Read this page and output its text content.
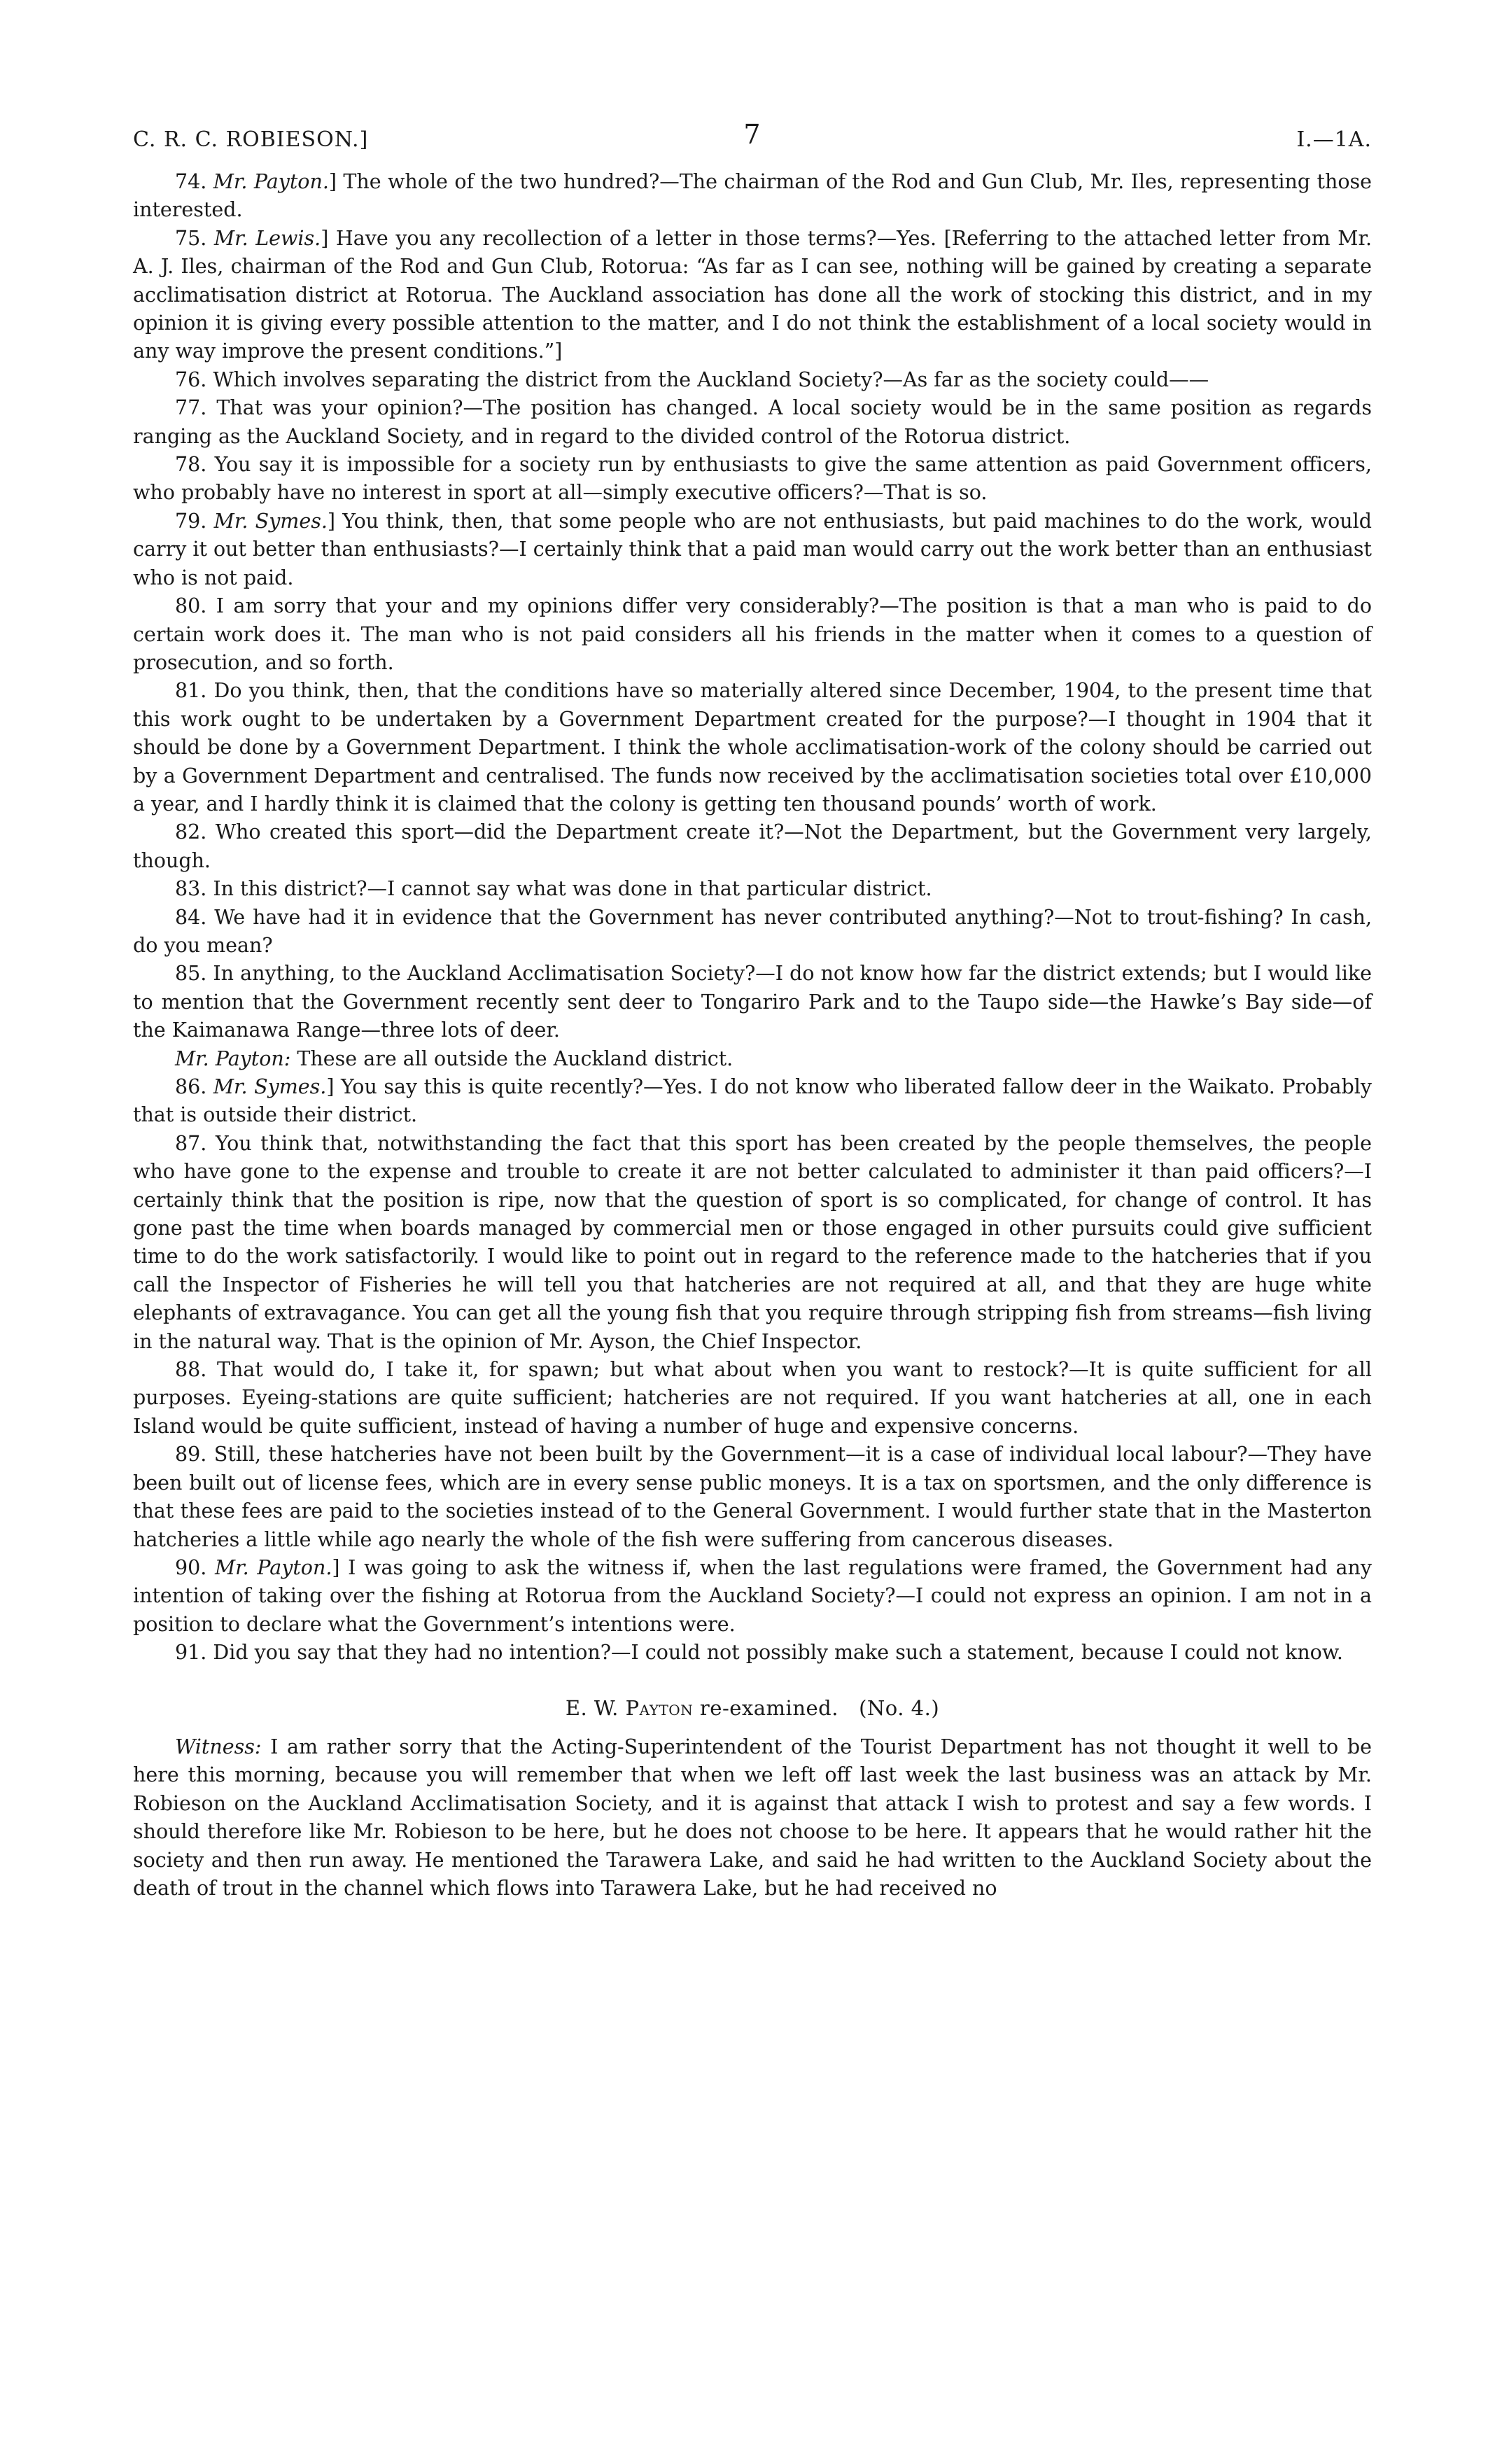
C. R. C. ROBIESON.]	7	I.—1A.

74. Mr. Payton.] The whole of the two hundred?—The chairman of the Rod and Gun Club, Mr. Iles, representing those interested.

75. Mr. Lewis.] Have you any recollection of a letter in those terms?—Yes. [Referring to the attached letter from Mr. A. J. Iles, chairman of the Rod and Gun Club, Rotorua: “As far as I can see, nothing will be gained by creating a separate acclimatisation district at Rotorua. The Auckland association has done all the work of stocking this district, and in my opinion it is giving every possible attention to the matter, and I do not think the establishment of a local society would in any way improve the present conditions.”]

76. Which involves separating the district from the Auckland Society?—As far as the society could——

77. That was your opinion?—The position has changed. A local society would be in the same position as regards ranging as the Auckland Society, and in regard to the divided control of the Rotorua district.

78. You say it is impossible for a society run by enthusiasts to give the same attention as paid Government officers, who probably have no interest in sport at all—simply executive officers?—That is so.

79. Mr. Symes.] You think, then, that some people who are not enthusiasts, but paid machines to do the work, would carry it out better than enthusiasts?—I certainly think that a paid man would carry out the work better than an enthusiast who is not paid.

80. I am sorry that your and my opinions differ very considerably?—The position is that a man who is paid to do certain work does it. The man who is not paid considers all his friends in the matter when it comes to a question of prosecution, and so forth.

81. Do you think, then, that the conditions have so materially altered since December, 1904, to the present time that this work ought to be undertaken by a Government Department created for the purpose?—I thought in 1904 that it should be done by a Government Department. I think the whole acclimatisation-work of the colony should be carried out by a Government Department and centralised. The funds now received by the acclimatisation societies total over £10,000 a year, and I hardly think it is claimed that the colony is getting ten thousand pounds’ worth of work.

82. Who created this sport—did the Department create it?—Not the Department, but the Government very largely, though.

83. In this district?—I cannot say what was done in that particular district.

84. We have had it in evidence that the Government has never contributed anything?—Not to trout-fishing? In cash, do you mean?

85. In anything, to the Auckland Acclimatisation Society?—I do not know how far the district extends; but I would like to mention that the Government recently sent deer to Tongariro Park and to the Taupo side—the Hawke’s Bay side—of the Kaimanawa Range—three lots of deer.

Mr. Payton: These are all outside the Auckland district.

86. Mr. Symes.] You say this is quite recently?—Yes. I do not know who liberated fallow deer in the Waikato. Probably that is outside their district.

87. You think that, notwithstanding the fact that this sport has been created by the people themselves, the people who have gone to the expense and trouble to create it are not better calculated to administer it than paid officers?—I certainly think that the position is ripe, now that the question of sport is so complicated, for change of control. It has gone past the time when boards managed by commercial men or those engaged in other pursuits could give sufficient time to do the work satisfactorily. I would like to point out in regard to the reference made to the hatcheries that if you call the Inspector of Fisheries he will tell you that hatcheries are not required at all, and that they are huge white elephants of extravagance. You can get all the young fish that you require through stripping fish from streams—fish living in the natural way. That is the opinion of Mr. Ayson, the Chief Inspector.

88. That would do, I take it, for spawn; but what about when you want to restock?—It is quite sufficient for all purposes. Eyeing-stations are quite sufficient; hatcheries are not required. If you want hatcheries at all, one in each Island would be quite sufficient, instead of having a number of huge and expensive concerns.

89. Still, these hatcheries have not been built by the Government—it is a case of individual local labour?—They have been built out of license fees, which are in every sense public moneys. It is a tax on sportsmen, and the only difference is that these fees are paid to the societies instead of to the General Government. I would further state that in the Masterton hatcheries a little while ago nearly the whole of the fish were suffering from cancerous diseases.

90. Mr. Payton.] I was going to ask the witness if, when the last regulations were framed, the Government had any intention of taking over the fishing at Rotorua from the Auckland Society?—I could not express an opinion. I am not in a position to declare what the Government’s intentions were.

91. Did you say that they had no intention?—I could not possibly make such a statement, because I could not know.

E. W. Payton re-examined. (No. 4.)

Witness: I am rather sorry that the Acting-Superintendent of the Tourist Department has not thought it well to be here this morning, because you will remember that when we left off last week the last business was an attack by Mr. Robieson on the Auckland Acclimatisation Society, and it is against that attack I wish to protest and say a few words. I should therefore like Mr. Robieson to be here, but he does not choose to be here. It appears that he would rather hit the society and then run away. He mentioned the Tarawera Lake, and said he had written to the Auckland Society about the death of trout in the channel which flows into Tarawera Lake, but he had received no
